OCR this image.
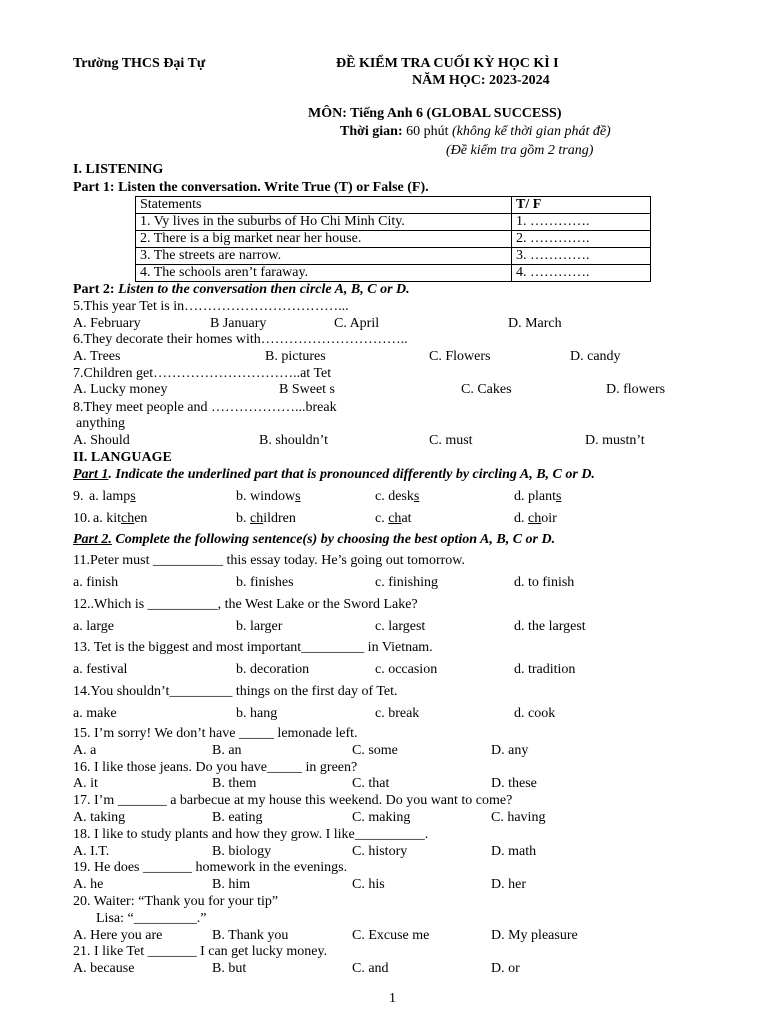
Trường THCS Đại Tự	ĐỀ KIỂM TRA CUỐI KỲ HỌC KÌ I
NĂM HỌC: 2023-2024
MÔN: Tiếng Anh 6 (GLOBAL SUCCESS)
Thời gian: 60 phút (không kể thời gian phát đề)
(Đề kiểm tra gồm 2 trang)
I. LISTENING
Part 1: Listen the conversation. Write True (T) or False (F).
Statements	T/ F
1. Vy lives in the suburbs of Ho Chi Minh City.	1. ………….
2. There is a big market near her house.	2. ………….
3. The streets are narrow.	3. ………….
4. The schools aren’t faraway.	4. ………….
Part 2: Listen to the conversation then circle A, B, C or D.
5.This year Tet is in……………………………...
A. February	B January	C. April	D. March
6.They decorate their homes with…………………………..
A. Trees	B. pictures	C. Flowers	D. candy
7.Children get…………………………..at Tet
A. Lucky money	B Sweet s	C. Cakes	D. flowers
8.They meet people and ………………...break
anything
A. Should	B. shouldn’t	C. must	D. mustn’t
II. LANGUAGE
Part 1. Indicate the underlined part that is pronounced differently by circling A, B, C or D.
9. a. lamps	b. windows	c. desks	d. plants
10. a. kitchen	b. children	c. chat	d. choir
Part 2. Complete the following sentence(s) by choosing the best option A, B, C or D.
11.Peter must __________ this essay today. He’s going out tomorrow.
a. finish	b. finishes	c. finishing	d. to finish
12..Which is __________, the West Lake or the Sword Lake?
a. large	b. larger	c. largest	d. the largest
13. Tet is the biggest and most important_________ in Vietnam.
a. festival	b. decoration	c. occasion	d. tradition
14.You shouldn’t_________ things on the first day of Tet.
a. make	b. hang	c. break	d. cook
15. I’m sorry! We don’t have _____ lemonade left.
A. a	B. an	C. some	D. any
16. I like those jeans. Do you have_____ in green?
A. it	B. them	C. that	D. these
17. I’m _______ a barbecue at my house this weekend. Do you want to come?
A. taking	B. eating	C. making	C. having
18. I like to study plants and how they grow. I like__________.
A. I.T.	B. biology	C. history	D. math
19. He does _______ homework in the evenings.
A. he	B. him	C. his	D. her
20. Waiter: “Thank you for your tip”
Lisa: “_________.”
A. Here you are	B. Thank you	C. Excuse me	D. My pleasure
21. I like Tet _______ I can get lucky money.
A. because	B. but	C. and	D. or
1
